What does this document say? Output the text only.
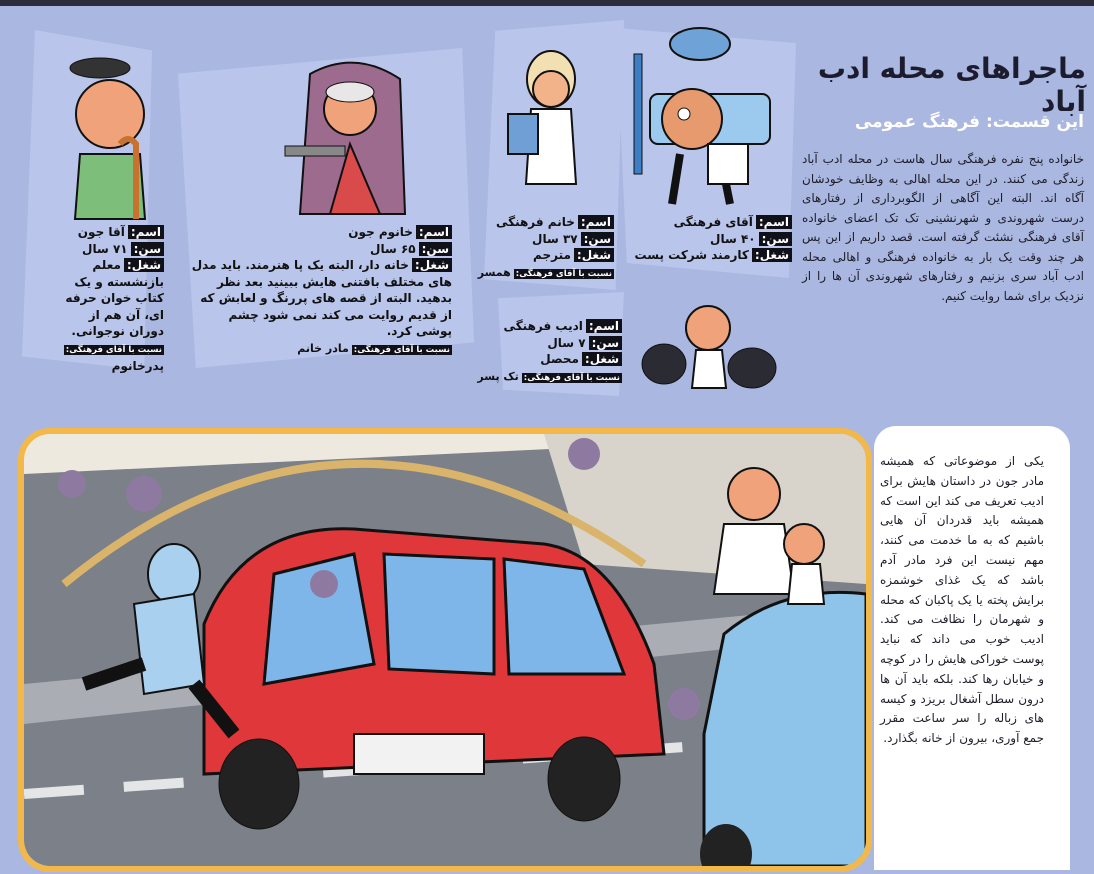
ماجراهای محله ادب آباد
این قسمت: فرهنگ عمومی
خانواده پنج نفره فرهنگی سال هاست در محله ادب آباد زندگی می کنند. در این محله اهالی به وظایف خودشان آگاه اند. البته این آگاهی از الگوبرداری از رفتارهای درست شهروندی و شهرنشینی تک تک اعضای خانواده آقای فرهنگی نشئت گرفته است. قصد داریم از این پس هر چند وقت یک بار به خانواده فرهنگی و اهالی محله ادب آباد سری بزنیم و رفتارهای شهروندی آن ها را از نزدیک برای شما روایت کنیم.
اسم:آقای فرهنگی
سن:۴۰ سال
شغل:کارمند شرکت پست
اسم:خانم فرهنگی
سن:۳۷ سال
شغل:مترجم
نسبت با آقای فرهنگی:همسر
اسم:خانوم جون
سن:۶۵ سال
شغل:خانه دار، البته یک پا هنرمند. باید مدل های مختلف بافتنی هایش ببینید بعد نظر بدهید. البته از قصه های پررنگ و لعابش که از قدیم روایت می کند نمی شود چشم پوشی کرد.
نسبت با آقای فرهنگی:مادر خانم
اسم:آقا جون
سن:۷۱ سال
شغل:معلم بازنشسته و یک کتاب خوان حرفه ای، آن هم از دوران نوجوانی.
نسبت با آقای فرهنگی:
پدرخانوم
اسم:ادیب فرهنگی
سن:۷ سال
شغل:محصل
نسبت با آقای فرهنگی:تک پسر
یکی از موضوعاتی که همیشه مادر جون در داستان هایش برای ادیب تعریف می کند این است که همیشه باید قدردان آن هایی باشیم که به ما خدمت می کنند، مهم نیست این فرد مادر آدم باشد که یک غذای خوشمزه برایش پخته یا یک پاکبان که محله و شهرمان را نظافت می کند. ادیب خوب می داند که نباید پوست خوراکی هایش را در کوچه و خیابان رها کند. بلکه باید آن ها درون سطل آشغال بریزد و کیسه های زباله را سر ساعت مقرر جمع آوری، بیرون از خانه بگذارد.
